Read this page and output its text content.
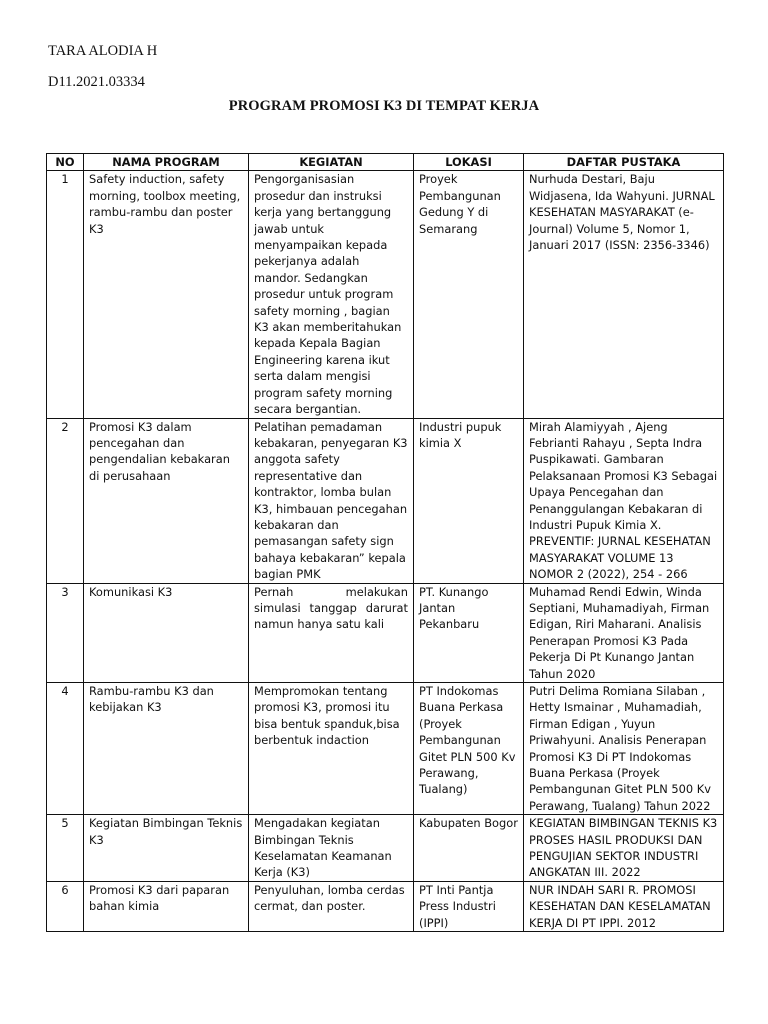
TARA ALODIA H

D11.2021.03334

PROGRAM PROMOSI K3 DI TEMPAT KERJA
NO	NAMA PROGRAM	KEGIATAN	LOKASI	DAFTAR PUSTAKA
1	Safety induction, safety morning, toolbox meeting, rambu-rambu dan poster K3	Pengorganisasian prosedur dan instruksi kerja yang bertanggung jawab untuk menyampaikan kepada pekerjanya adalah mandor. Sedangkan prosedur untuk program safety morning , bagian K3 akan memberitahukan kepada Kepala Bagian Engineering karena ikut serta dalam mengisi program safety morning secara bergantian.	Proyek Pembangunan Gedung Y di Semarang	Nurhuda Destari, Baju Widjasena, Ida Wahyuni. JURNAL KESEHATAN MASYARAKAT (e-Journal) Volume 5, Nomor 1, Januari 2017 (ISSN: 2356-3346)
2	Promosi K3 dalam pencegahan dan pengendalian kebakaran di perusahaan	Pelatihan pemadaman kebakaran, penyegaran K3 anggota safety representative dan kontraktor, lomba bulan K3, himbauan pencegahan kebakaran dan pemasangan safety sign bahaya kebakaran” kepala bagian PMK	Industri pupuk kimia X	Mirah Alamiyyah , Ajeng Febrianti Rahayu , Septa Indra Puspikawati. Gambaran Pelaksanaan Promosi K3 Sebagai Upaya Pencegahan dan Penanggulangan Kebakaran di Industri Pupuk Kimia X. PREVENTIF: JURNAL KESEHATAN MASYARAKAT VOLUME 13 NOMOR 2 (2022), 254 - 266
3	Komunikasi K3	Pernah melakukan simulasi tanggap darurat namun hanya satu kali	PT. Kunango Jantan Pekanbaru	Muhamad Rendi Edwin, Winda Septiani, Muhamadiyah, Firman Edigan, Riri Maharani. Analisis Penerapan Promosi K3 Pada Pekerja Di Pt Kunango Jantan Tahun 2020
4	Rambu-rambu K3 dan kebijakan K3	Mempromokan tentang promosi K3, promosi itu bisa bentuk spanduk,bisa berbentuk indaction	PT Indokomas Buana Perkasa (Proyek Pembangunan Gitet PLN 500 Kv Perawang, Tualang)	Putri Delima Romiana Silaban , Hetty Ismainar , Muhamadiah, Firman Edigan , Yuyun Priwahyuni. Analisis Penerapan Promosi K3 Di PT Indokomas Buana Perkasa (Proyek Pembangunan Gitet PLN 500 Kv Perawang, Tualang) Tahun 2022
5	Kegiatan Bimbingan Teknis K3	Mengadakan kegiatan Bimbingan Teknis Keselamatan Keamanan Kerja (K3)	Kabupaten Bogor	KEGIATAN BIMBINGAN TEKNIS K3 PROSES HASIL PRODUKSI DAN PENGUJIAN SEKTOR INDUSTRI ANGKATAN III. 2022
6	Promosi K3 dari paparan bahan kimia	Penyuluhan, lomba cerdas cermat, dan poster.	PT Inti Pantja Press Industri (IPPI)	NUR INDAH SARI R. PROMOSI KESEHATAN DAN KESELAMATAN KERJA DI PT IPPI. 2012
